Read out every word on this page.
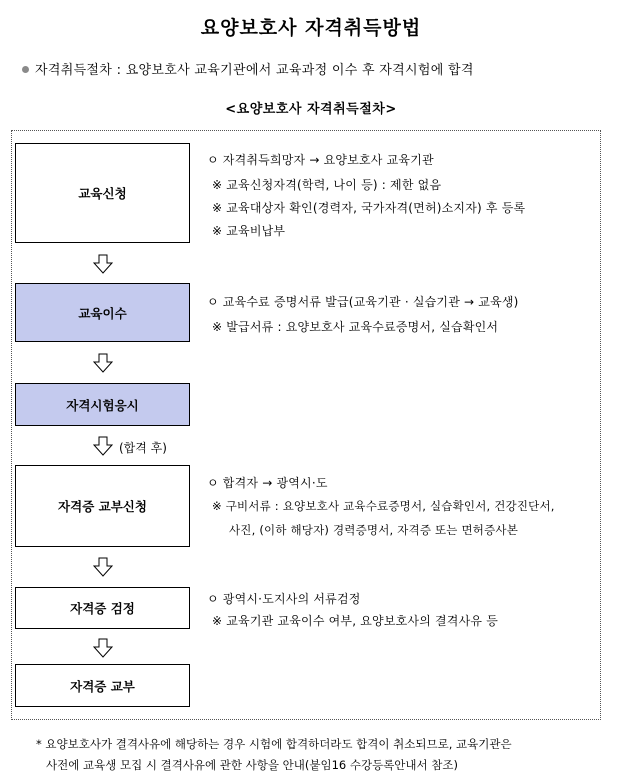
요양보호사 자격취득방법
자격취득절차 : 요양보호사 교육기관에서 교육과정 이수 후 자격시험에 합격
<요양보호사 자격취득절차>
교육신청
교육이수
자격시험응시
자격증 교부신청
자격증 검정
자격증 교부
(합격 후)
ㅇ 자격취득희망자 → 요양보호사 교육기관
※ 교육신청자격(학력, 나이 등) : 제한 없음
※ 교육대상자 확인(경력자, 국가자격(면허)소지자) 후 등록
※ 교육비납부
ㅇ 교육수료 증명서류 발급(교육기관 · 실습기관 → 교육생)
※ 발급서류 : 요양보호사 교육수료증명서, 실습확인서
ㅇ 합격자 → 광역시·도
※ 구비서류 : 요양보호사 교육수료증명서, 실습확인서, 건강진단서,
사진, (이하 해당자) 경력증명서, 자격증 또는 면허증사본
ㅇ 광역시·도지사의 서류검정
※ 교육기관 교육이수 여부, 요양보호사의 결격사유 등
* 요양보호사가 결격사유에 해당하는 경우 시험에 합격하더라도 합격이 취소되므로, 교육기관은
사전에 교육생 모집 시 결격사유에 관한 사항을 안내(붙임16 수강등록안내서 참조)
